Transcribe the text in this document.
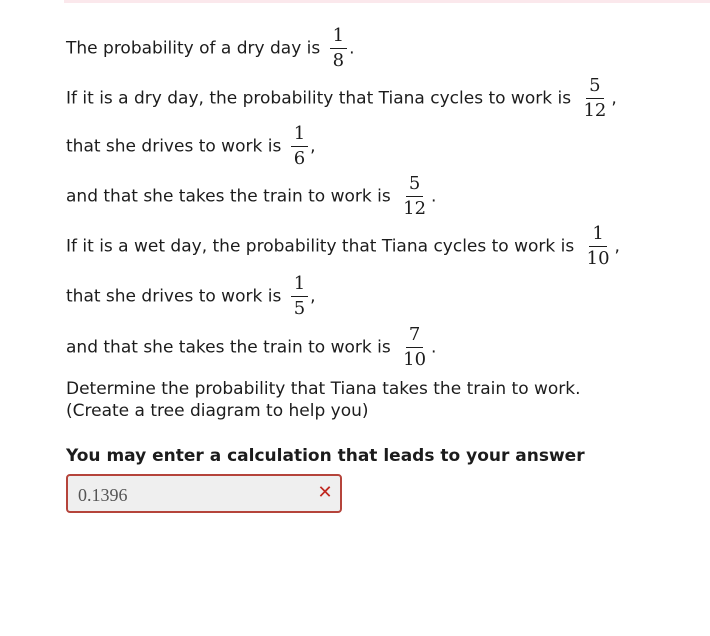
The probability of a dry day is $\frac{1}{8}$ .
If it is a dry day, the probability that Tiana cycles to work is $\frac{5}{12}$ ,
that she drives to work is $\frac{1}{6}$ ,
and that she takes the train to work is $\frac{5}{12}$ .
If it is a wet day, the probability that Tiana cycles to work is $\frac{1}{10}$ ,
that she drives to work is $\frac{1}{5}$ ,
and that she takes the train to work is $\frac{7}{10}$ .
Determine the probability that Tiana takes the train to work.
(Create a tree diagram to help you)
You may enter a calculation that leads to your answer
0.1396	✕
